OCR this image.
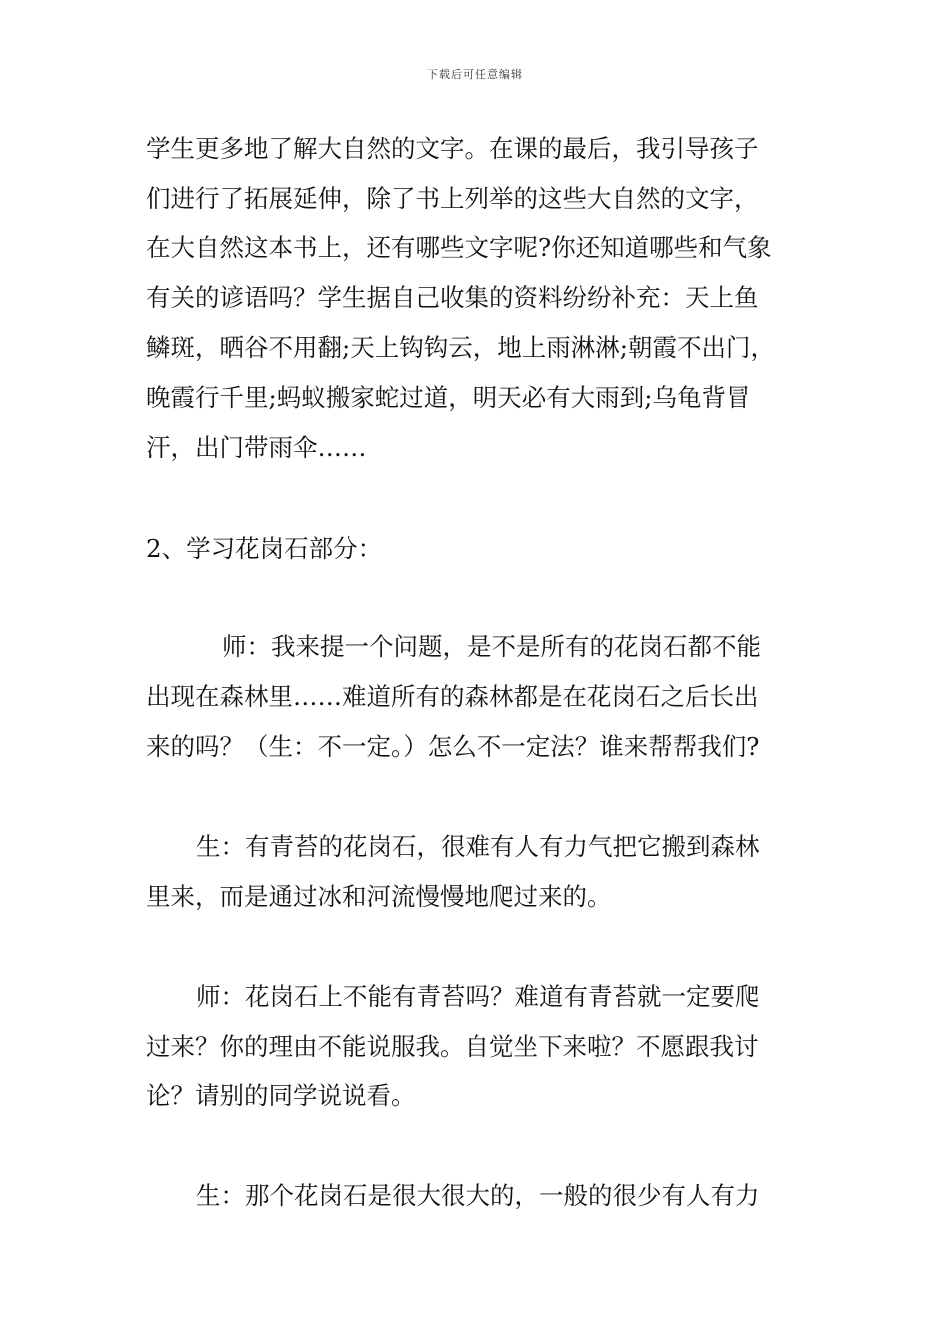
下载后可任意编辑
学生更多地了解大自然的文字。在课的最后，我引导孩子
们进行了拓展延伸，除了书上列举的这些大自然的文字，
在大自然这本书上，还有哪些文字呢?你还知道哪些和气象
有关的谚语吗？学生据自己收集的资料纷纷补充：天上鱼
鳞斑，晒谷不用翻;天上钩钩云，地上雨淋淋;朝霞不出门，
晚霞行千里;蚂蚁搬家蛇过道，明天必有大雨到;乌龟背冒
汗，出门带雨伞……
2、学习花岗石部分：
师：我来提一个问题，是不是所有的花岗石都不能
出现在森林里……难道所有的森林都是在花岗石之后长出
来的吗？（生：不一定。）怎么不一定法？谁来帮帮我们?
生：有青苔的花岗石，很难有人有力气把它搬到森林
里来，而是通过冰和河流慢慢地爬过来的。
师：花岗石上不能有青苔吗？难道有青苔就一定要爬
过来？你的理由不能说服我。自觉坐下来啦？不愿跟我讨
论？请别的同学说说看。
生：那个花岗石是很大很大的，一般的很少有人有力
